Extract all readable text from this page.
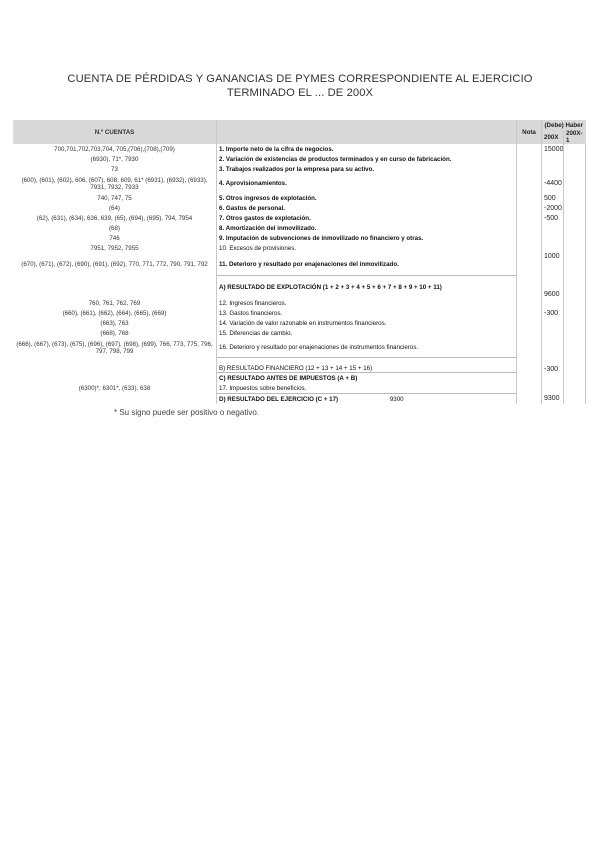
CUENTA DE PÉRDIDAS Y GANANCIAS DE PYMES CORRESPONDIENTE AL EJERCICIO
TERMINADO EL ... DE 200X
N.º CUENTAS		Nota	(Debe) Haber	
			200X	200X-1
700,701,702,703,704, 705,(706),(708),(709)	1. Importe neto de la cifra de negocios.		15000	
(6930), 71*, 7930	2. Variación de existencias de productos terminados y en curso de fabricación.			
73	3. Trabajos realizados por la empresa para su activo.			
(600), (601), (602), 606, (607), 608, 609, 61* (6931), (6932), (6933), 7931, 7932, 7933	4. Aprovisionamientos.		-4400	
740, 747, 75	5. Otros ingresos de explotación.		500	
(64)	6. Gastos de personal.		-2000	
(62), (631), (634), 636, 639, (65), (694), (695), 794, 7954	7. Otros gastos de explotación.		-500	
(68)	8. Amortización del inmovilizado.			
746	9. Imputación de subvenciones de inmovilizado no financiero y otras.			
7951, 7952, 7955	10. Excesos de provisiones.			
(670), (671), (672), (690), (691), (692), 770, 771, 772, 790, 791, 792	11. Deterioro y resultado por enajenaciones del inmovilizado.		1000	
	A) RESULTADO DE EXPLOTACIÓN (1 + 2 + 3 + 4 + 5 + 6 + 7 + 8 + 9 + 10 + 11)		9600	
760, 761, 762, 769	12. Ingresos financieros.			
(660), (661), (662), (664), (665), (669)	13. Gastos financieros.		-300	
(663), 763	14. Variación de valor razonable en instrumentos financieros.			
(668), 768	15. Diferencias de cambio.			
(666), (667), (673), (675), (696), (697), (698), (699), 766, 773, 775, 796, 797, 798, 799	16. Deterioro y resultado por enajenaciones de instrumentos financieros.			
	B) RESULTADO FINANCIERO (12 + 13 + 14 + 15 + 16)		-300	
	C) RESULTADO ANTES DE IMPUESTOS (A + B)			
(6300)*, 6301*, (633), 638	17. Impuestos sobre beneficios.			
	D) RESULTADO DEL EJERCICIO (C + 17) 9300		9300	
* Su signo puede ser positivo o negativo.
